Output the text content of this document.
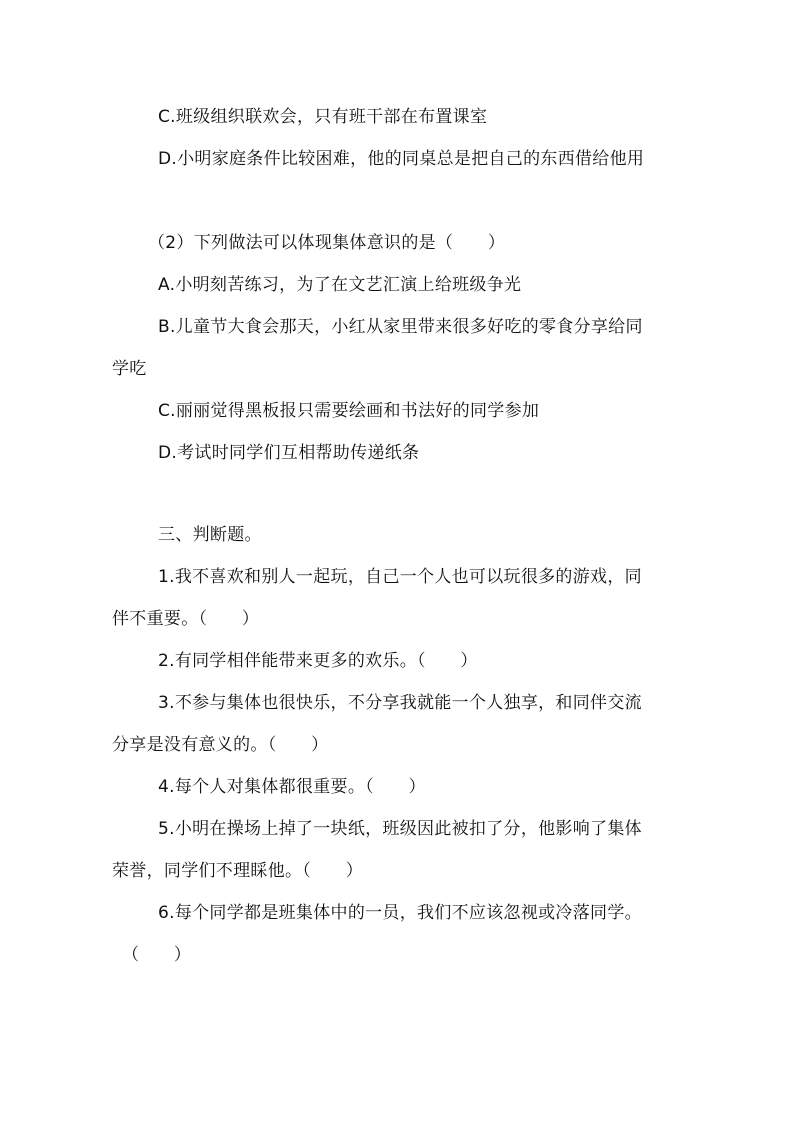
C.班级组织联欢会，只有班干部在布置课室
D.小明家庭条件比较困难，他的同桌总是把自己的东西借给他用
（2）下列做法可以体现集体意识的是（　　）
A.小明刻苦练习，为了在文艺汇演上给班级争光
B.儿童节大食会那天，小红从家里带来很多好吃的零食分享给同
学吃
C.丽丽觉得黑板报只需要绘画和书法好的同学参加
D.考试时同学们互相帮助传递纸条
三、判断题。
1.我不喜欢和别人一起玩，自己一个人也可以玩很多的游戏，同
伴不重要。（　　）
2.有同学相伴能带来更多的欢乐。（　　）
3.不参与集体也很快乐，不分享我就能一个人独享，和同伴交流
分享是没有意义的。（　　）
4.每个人对集体都很重要。（　　）
5.小明在操场上掉了一块纸，班级因此被扣了分，他影响了集体
荣誉，同学们不理睬他。（　　）
6.每个同学都是班集体中的一员，我们不应该忽视或冷落同学。
（　　）
